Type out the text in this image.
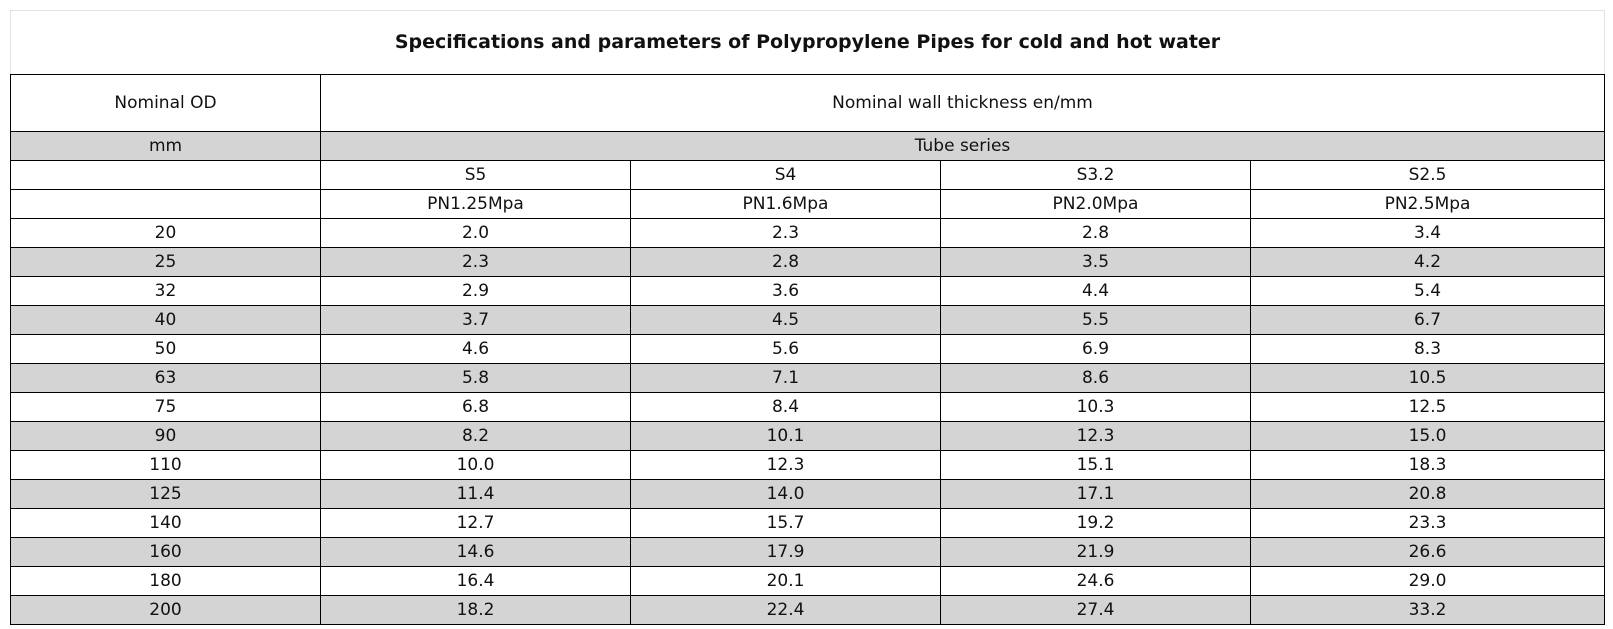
Specifications and parameters of Polypropylene Pipes for cold and hot water				
Nominal OD	Nominal wall thickness en/mm			
mm	Tube series			
	S5	S4	S3.2	S2.5
	PN1.25Mpa	PN1.6Mpa	PN2.0Mpa	PN2.5Mpa
20	2.0	2.3	2.8	3.4
25	2.3	2.8	3.5	4.2
32	2.9	3.6	4.4	5.4
40	3.7	4.5	5.5	6.7
50	4.6	5.6	6.9	8.3
63	5.8	7.1	8.6	10.5
75	6.8	8.4	10.3	12.5
90	8.2	10.1	12.3	15.0
110	10.0	12.3	15.1	18.3
125	11.4	14.0	17.1	20.8
140	12.7	15.7	19.2	23.3
160	14.6	17.9	21.9	26.6
180	16.4	20.1	24.6	29.0
200	18.2	22.4	27.4	33.2
